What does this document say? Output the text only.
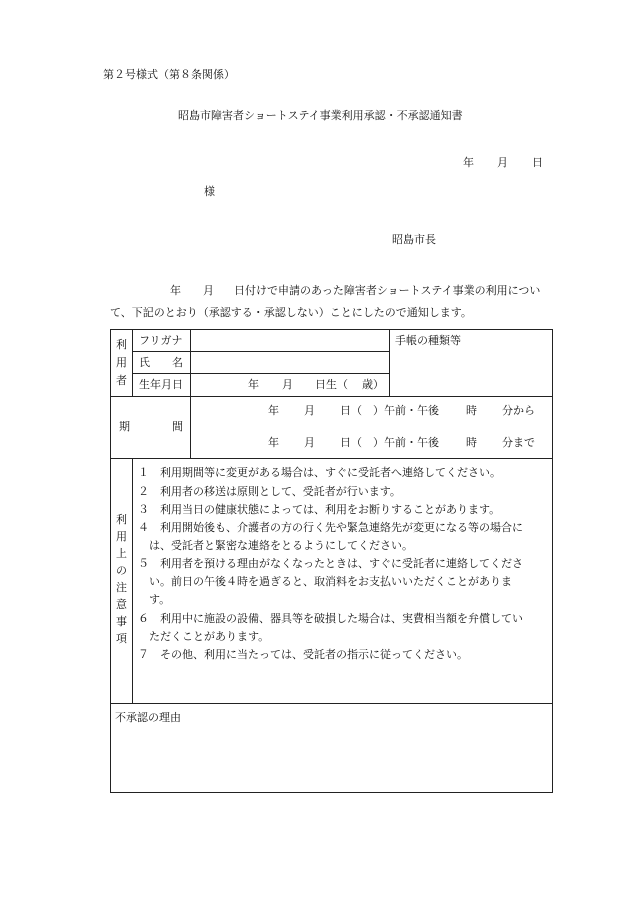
第２号様式（第８条関係）
昭島市障害者ショートステイ事業利用承認・不承認通知書
年 月 日
様
昭島市長
年 月 日付けで申請のあった障害者ショートステイ事業の利用につい
て、下記のとおり（承認する・承認しない）ことにしたので通知します。
利
用
者
フリガナ
氏　　名
生年月日	年 月 日生（ 歳）
手帳の種類等
期	間
年 月 日（　） 午前・午後 時 分から
年 月 日（　） 午前・午後 時 分まで
利
用
上
の
注
意
事
項
１　利用期間等に変更がある場合は、すぐに受託者へ連絡してください。
２　利用者の移送は原則として、受託者が行います。
３　利用当日の健康状態によっては、利用をお断りすることがあります。
４　利用開始後も、介護者の方の行く先や緊急連絡先が変更になる等の場合に
は、受託者と緊密な連絡をとるようにしてください。
５　利用者を預ける理由がなくなったときは、すぐに受託者に連絡してくださ
い。前日の午後４時を過ぎると、取消料をお支払いいただくことがありま
す。
６　利用中に施設の設備、器具等を破損した場合は、実費相当額を弁償してい
ただくことがあります。
７　その他、利用に当たっては、受託者の指示に従ってください。
不承認の理由
